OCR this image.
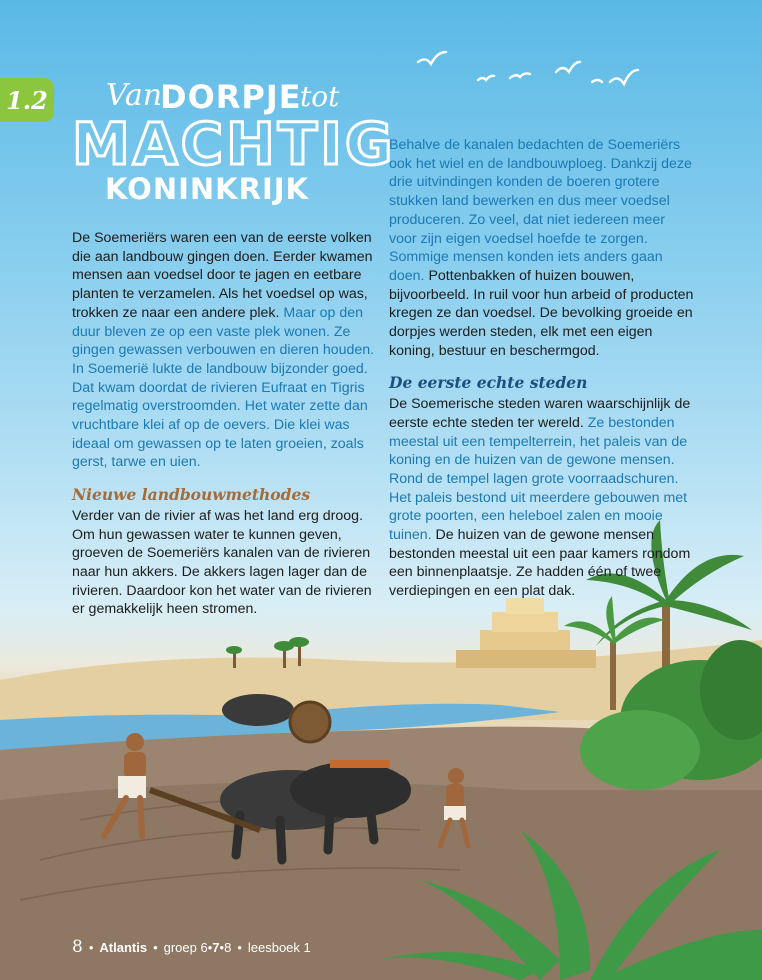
1.2 Van
DORPJE
tot
MACHTIG
KONINKRIJK

De Soemeriërs waren een van de eerste volken die aan landbouw gingen doen. Eerder kwamen mensen aan voedsel door te jagen en eetbare planten te verzamelen. Als het voedsel op was, trokken ze naar een andere plek. Maar op den duur bleven ze op een vaste plek wonen. Ze gingen gewassen verbouwen en dieren houden. In Soemerië lukte de landbouw bijzonder goed. Dat kwam doordat de rivieren Eufraat en Tigris regelmatig overstroomden. Het water zette dan vruchtbare klei af op de oevers. Die klei was ideaal om gewassen op te laten groeien, zoals gerst, tarwe en uien.

Nieuwe landbouwmethodes

Verder van de rivier af was het land erg droog. Om hun gewassen water te kunnen geven, groeven de Soemeriërs kanalen van de rivieren naar hun akkers. De akkers lagen lager dan de rivieren. Daardoor kon het water van de rivieren er gemakkelijk heen stromen.

Behalve de kanalen bedachten de Soemeriërs ook het wiel en de landbouwploeg. Dankzij deze drie uitvindingen konden de boeren grotere stukken land bewerken en dus meer voedsel produceren. Zo veel, dat niet iedereen meer voor zijn eigen voedsel hoefde te zorgen. Sommige mensen konden iets anders gaan doen. Pottenbakken of huizen bouwen, bijvoorbeeld. In ruil voor hun arbeid of producten kregen ze dan voedsel. De bevolking groeide en dorpjes werden steden, elk met een eigen koning, bestuur en beschermgod.

De eerste echte steden

De Soemerische steden waren waarschijnlijk de eerste echte steden ter wereld. Ze bestonden meestal uit een tempelterrein, het paleis van de koning en de huizen van de gewone mensen. Rond de tempel lagen grote voorraadschuren. Het paleis bestond uit meerdere gebouwen met grote poorten, een heleboel zalen en mooie tuinen. De huizen van de gewone mensen bestonden meestal uit een paar kamers rondom een binnenplaatsje. Ze hadden één of twee verdiepingen en een plat dak.

8 • Atlantis • groep 6•7•8 • leesboek 1
